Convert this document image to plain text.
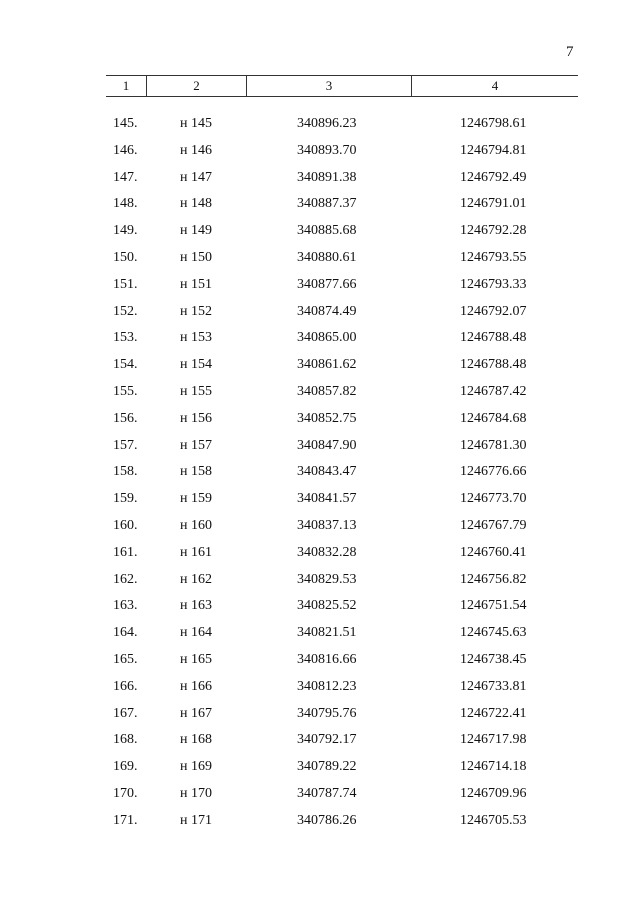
7
1	2	3	4
145.	н 145	340896.23	1246798.61
146.	н 146	340893.70	1246794.81
147.	н 147	340891.38	1246792.49
148.	н 148	340887.37	1246791.01
149.	н 149	340885.68	1246792.28
150.	н 150	340880.61	1246793.55
151.	н 151	340877.66	1246793.33
152.	н 152	340874.49	1246792.07
153.	н 153	340865.00	1246788.48
154.	н 154	340861.62	1246788.48
155.	н 155	340857.82	1246787.42
156.	н 156	340852.75	1246784.68
157.	н 157	340847.90	1246781.30
158.	н 158	340843.47	1246776.66
159.	н 159	340841.57	1246773.70
160.	н 160	340837.13	1246767.79
161.	н 161	340832.28	1246760.41
162.	н 162	340829.53	1246756.82
163.	н 163	340825.52	1246751.54
164.	н 164	340821.51	1246745.63
165.	н 165	340816.66	1246738.45
166.	н 166	340812.23	1246733.81
167.	н 167	340795.76	1246722.41
168.	н 168	340792.17	1246717.98
169.	н 169	340789.22	1246714.18
170.	н 170	340787.74	1246709.96
171.	н 171	340786.26	1246705.53
